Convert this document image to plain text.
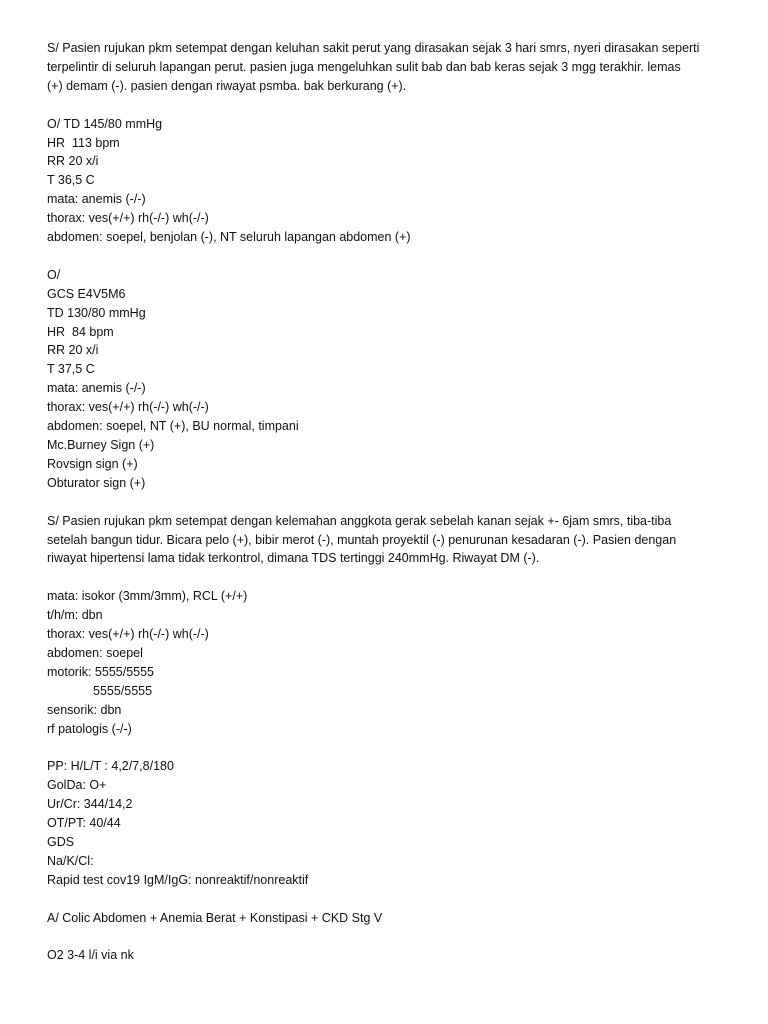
S/ Pasien rujukan pkm setempat dengan keluhan sakit perut yang dirasakan sejak 3 hari smrs, nyeri dirasakan seperti
terpelintir di seluruh lapangan perut. pasien juga mengeluhkan sulit bab dan bab keras sejak 3 mgg terakhir. lemas
(+) demam (-). pasien dengan riwayat psmba. bak berkurang (+).
O/ TD 145/80 mmHg
HR  113 bpm
RR 20 x/i
T 36,5 C
mata: anemis (-/-)
thorax: ves(+/+) rh(-/-) wh(-/-)
abdomen: soepel, benjolan (-), NT seluruh lapangan abdomen (+)
O/
GCS E4V5M6
TD 130/80 mmHg
HR  84 bpm
RR 20 x/i
T 37,5 C
mata: anemis (-/-)
thorax: ves(+/+) rh(-/-) wh(-/-)
abdomen: soepel, NT (+), BU normal, timpani
Mc.Burney Sign (+)
Rovsign sign (+)
Obturator sign (+)
S/ Pasien rujukan pkm setempat dengan kelemahan anggkota gerak sebelah kanan sejak +- 6jam smrs, tiba-tiba
setelah bangun tidur. Bicara pelo (+), bibir merot (-), muntah proyektil (-) penurunan kesadaran (-). Pasien dengan
riwayat hipertensi lama tidak terkontrol, dimana TDS tertinggi 240mmHg. Riwayat DM (-).
mata: isokor (3mm/3mm), RCL (+/+)
t/h/m: dbn
thorax: ves(+/+) rh(-/-) wh(-/-)
abdomen: soepel
motorik: 5555/5555
5555/5555
sensorik: dbn
rf patologis (-/-)
PP: H/L/T : 4,2/7,8/180
GolDa: O+
Ur/Cr: 344/14,2
OT/PT: 40/44
GDS
Na/K/Cl:
Rapid test cov19 IgM/IgG: nonreaktif/nonreaktif
A/ Colic Abdomen + Anemia Berat + Konstipasi + CKD Stg V
O2 3-4 l/i via nk
